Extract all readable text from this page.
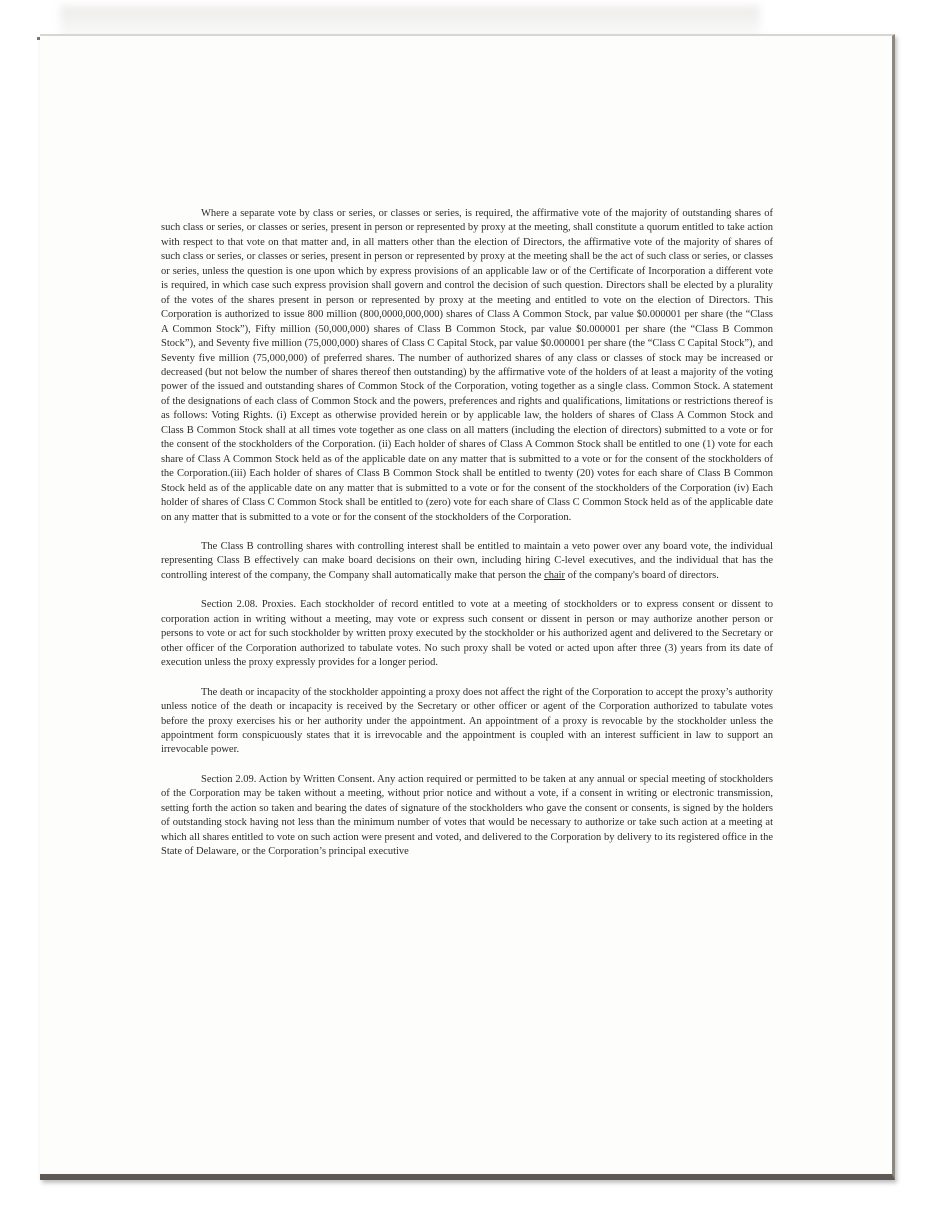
Where a separate vote by class or series, or classes or series, is required, the affirmative vote of the majority of outstanding shares of such class or series, or classes or series, present in person or represented by proxy at the meeting, shall constitute a quorum entitled to take action with respect to that vote on that matter and, in all matters other than the election of Directors, the affirmative vote of the majority of shares of such class or series, or classes or series, present in person or represented by proxy at the meeting shall be the act of such class or series, or classes or series, unless the question is one upon which by express provisions of an applicable law or of the Certificate of Incorporation a different vote is required, in which case such express provision shall govern and control the decision of such question. Directors shall be elected by a plurality of the votes of the shares present in person or represented by proxy at the meeting and entitled to vote on the election of Directors. This Corporation is authorized to issue 800 million (800,0000,000,000) shares of Class A Common Stock, par value $0.000001 per share (the “Class A Common Stock”), Fifty million (50,000,000) shares of Class B Common Stock, par value $0.000001 per share (the “Class B Common Stock”), and Seventy five million (75,000,000) shares of Class C Capital Stock, par value $0.000001 per share (the “Class C Capital Stock”), and Seventy five million (75,000,000) of preferred shares. The number of authorized shares of any class or classes of stock may be increased or decreased (but not below the number of shares thereof then outstanding) by the affirmative vote of the holders of at least a majority of the voting power of the issued and outstanding shares of Common Stock of the Corporation, voting together as a single class. Common Stock. A statement of the designations of each class of Common Stock and the powers, preferences and rights and qualifications, limitations or restrictions thereof is as follows: Voting Rights. (i) Except as otherwise provided herein or by applicable law, the holders of shares of Class A Common Stock and Class B Common Stock shall at all times vote together as one class on all matters (including the election of directors) submitted to a vote or for the consent of the stockholders of the Corporation. (ii) Each holder of shares of Class A Common Stock shall be entitled to one (1) vote for each share of Class A Common Stock held as of the applicable date on any matter that is submitted to a vote or for the consent of the stockholders of the Corporation.(iii) Each holder of shares of Class B Common Stock shall be entitled to twenty (20) votes for each share of Class B Common Stock held as of the applicable date on any matter that is submitted to a vote or for the consent of the stockholders of the Corporation (iv) Each holder of shares of Class C Common Stock shall be entitled to (zero) vote for each share of Class C Common Stock held as of the applicable date on any matter that is submitted to a vote or for the consent of the stockholders of the Corporation.

The Class B controlling shares with controlling interest shall be entitled to maintain a veto power over any board vote, the individual representing Class B effectively can make board decisions on their own, including hiring C-level executives, and the individual that has the controlling interest of the company, the Company shall automatically make that person the chair of the company's board of directors.

Section 2.08. Proxies. Each stockholder of record entitled to vote at a meeting of stockholders or to express consent or dissent to corporation action in writing without a meeting, may vote or express such consent or dissent in person or may authorize another person or persons to vote or act for such stockholder by written proxy executed by the stockholder or his authorized agent and delivered to the Secretary or other officer of the Corporation authorized to tabulate votes. No such proxy shall be voted or acted upon after three (3) years from its date of execution unless the proxy expressly provides for a longer period.

The death or incapacity of the stockholder appointing a proxy does not affect the right of the Corporation to accept the proxy’s authority unless notice of the death or incapacity is received by the Secretary or other officer or agent of the Corporation authorized to tabulate votes before the proxy exercises his or her authority under the appointment. An appointment of a proxy is revocable by the stockholder unless the appointment form conspicuously states that it is irrevocable and the appointment is coupled with an interest sufficient in law to support an irrevocable power.

Section 2.09. Action by Written Consent. Any action required or permitted to be taken at any annual or special meeting of stockholders of the Corporation may be taken without a meeting, without prior notice and without a vote, if a consent in writing or electronic transmission, setting forth the action so taken and bearing the dates of signature of the stockholders who gave the consent or consents, is signed by the holders of outstanding stock having not less than the minimum number of votes that would be necessary to authorize or take such action at a meeting at which all shares entitled to vote on such action were present and voted, and delivered to the Corporation by delivery to its registered office in the State of Delaware, or the Corporation’s principal executive
